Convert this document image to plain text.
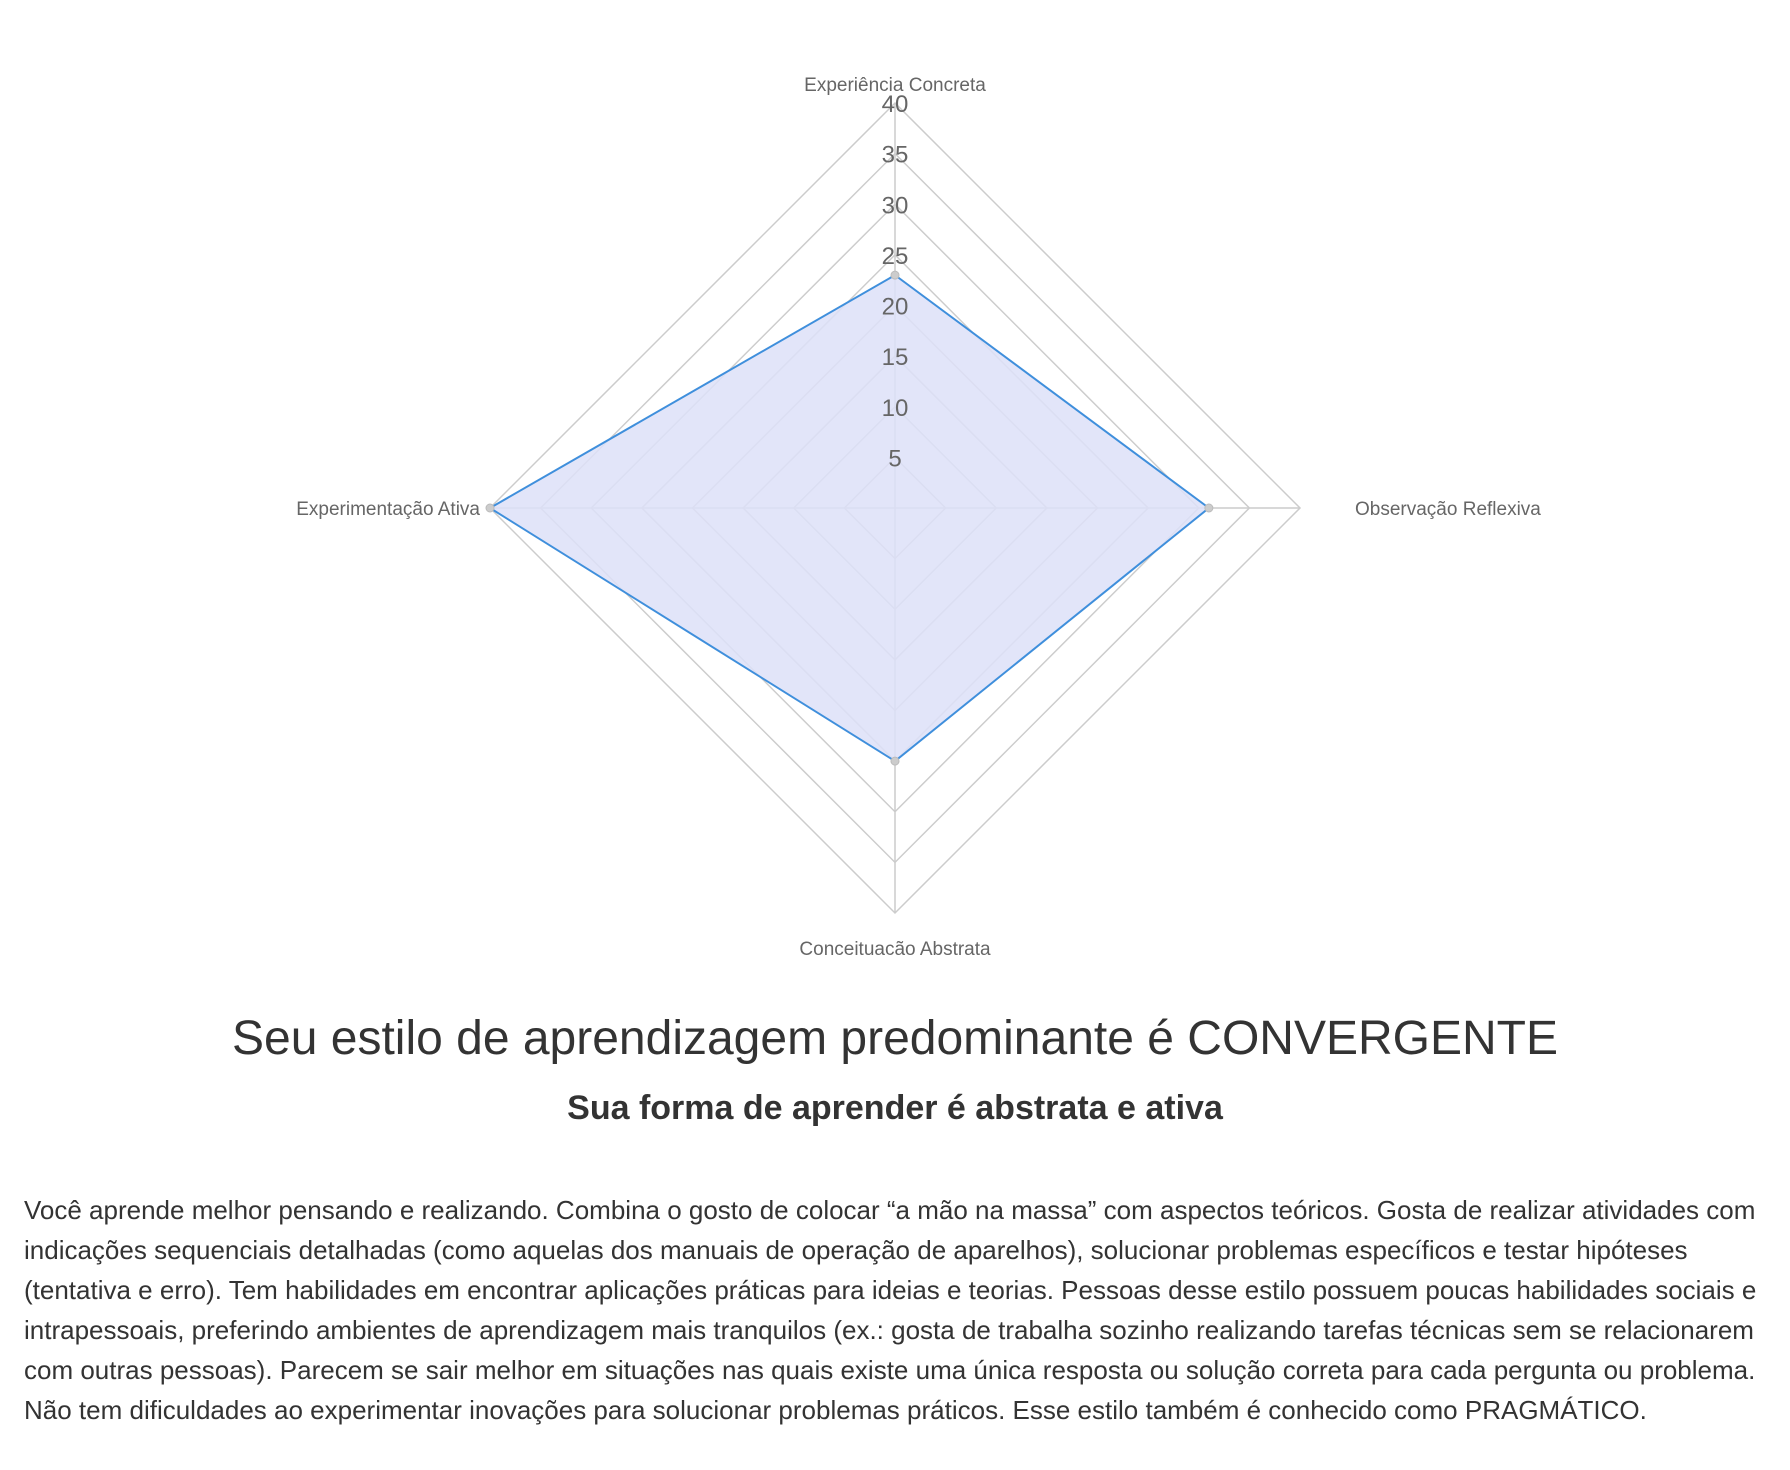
5
10
15
20
25
30
35
40
Experiência Concreta
Observação Reflexiva
Conceituacão Abstrata
Experimentação Ativa
Seu estilo de aprendizagem predominante é CONVERGENTE
Sua forma de aprender é abstrata e ativa

Você aprende melhor pensando e realizando. Combina o gosto de colocar “a mão na massa” com aspectos teóricos. Gosta de realizar atividades com indicações sequenciais detalhadas (como aquelas dos manuais de operação de aparelhos), solucionar problemas específicos e testar hipóteses (tentativa e erro). Tem habilidades em encontrar aplicações práticas para ideias e teorias. Pessoas desse estilo possuem poucas habilidades sociais e intrapessoais, preferindo ambientes de aprendizagem mais tranquilos (ex.: gosta de trabalha sozinho realizando tarefas técnicas sem se relacionarem com outras pessoas). Parecem se sair melhor em situações nas quais existe uma única resposta ou solução correta para cada pergunta ou problema. Não tem dificuldades ao experimentar inovações para solucionar problemas práticos. Esse estilo também é conhecido como PRAGMÁTICO.
